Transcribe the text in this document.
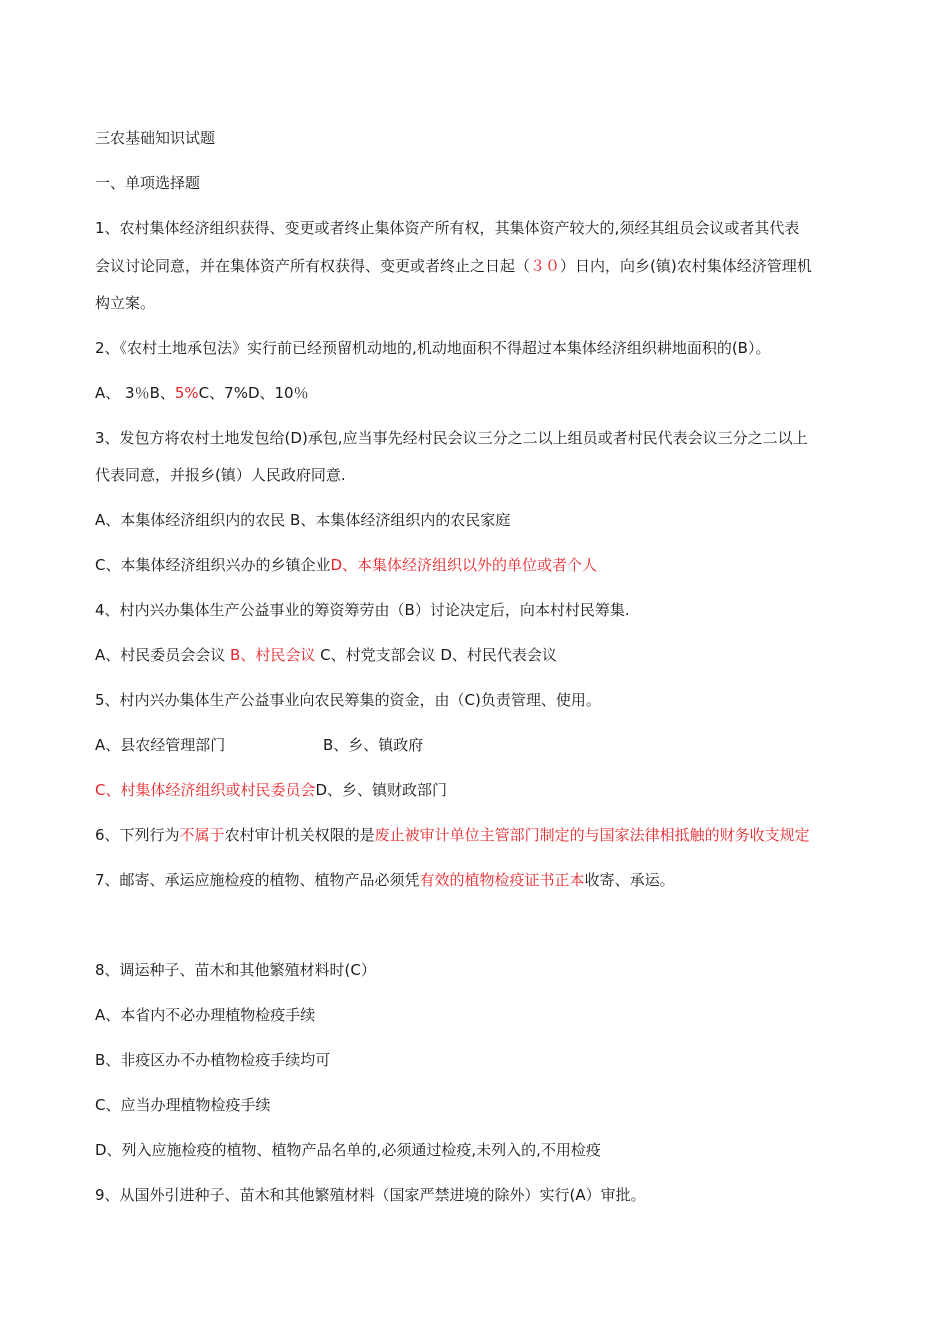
三农基础知识试题
一、单项选择题
1、农村集体经济组织获得、变更或者终止集体资产所有权，其集体资产较大的,须经其组员会议或者其代表
会议讨论同意，并在集体资产所有权获得、变更或者终止之日起（３０）日内，向乡(镇)农村集体经济管理机
构立案。
2、《农村土地承包法》实行前已经预留机动地的,机动地面积不得超过本集体经济组织耕地面积的(B）。
A、 3％B、5%C、7%D、10％
3、发包方将农村土地发包给(D)承包,应当事先经村民会议三分之二以上组员或者村民代表会议三分之二以上
代表同意，并报乡(镇）人民政府同意.
A、本集体经济组织内的农民 B、本集体经济组织内的农民家庭
C、本集体经济组织兴办的乡镇企业D、本集体经济组织以外的单位或者个人
4、村内兴办集体生产公益事业的筹资筹劳由（B）讨论决定后，向本村村民筹集.
A、村民委员会会议 B、村民会议 C、村党支部会议 D、村民代表会议
5、村内兴办集体生产公益事业向农民筹集的资金，由（C)负责管理、使用。
A、县农经管理部门	B、乡、镇政府
C、村集体经济组织或村民委员会D、乡、镇财政部门
6、下列行为不属于农村审计机关权限的是废止被审计单位主管部门制定的与国家法律相抵触的财务收支规定
7、邮寄、承运应施检疫的植物、植物产品必须凭有效的植物检疫证书正本收寄、承运。
8、调运种子、苗木和其他繁殖材料时(C）
A、本省内不必办理植物检疫手续
B、非疫区办不办植物检疫手续均可
C、应当办理植物检疫手续
D、列入应施检疫的植物、植物产品名单的,必须通过检疫,未列入的,不用检疫
9、从国外引进种子、苗木和其他繁殖材料（国家严禁进境的除外）实行(A）审批。
